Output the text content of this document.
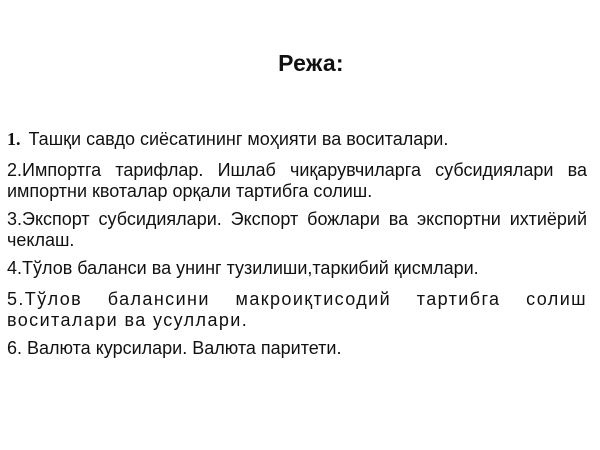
Режа:
1. Ташқи савдо сиёсатининг моҳияти ва воситалари.
2.Импортга тарифлар. Ишлаб чиқарувчиларга субсидиялари ва импортни квоталар орқали тартибга солиш.
3.Экспорт субсидиялари. Экспорт божлари ва экспортни ихтиёрий чеклаш.
4.Тўлов баланси ва унинг тузилиши,таркибий қисмлари.
5.Тўлов балансини макроиқтисодий тартибга солиш воситалари ва усуллари.
6. Валюта курсилари. Валюта паритети.
